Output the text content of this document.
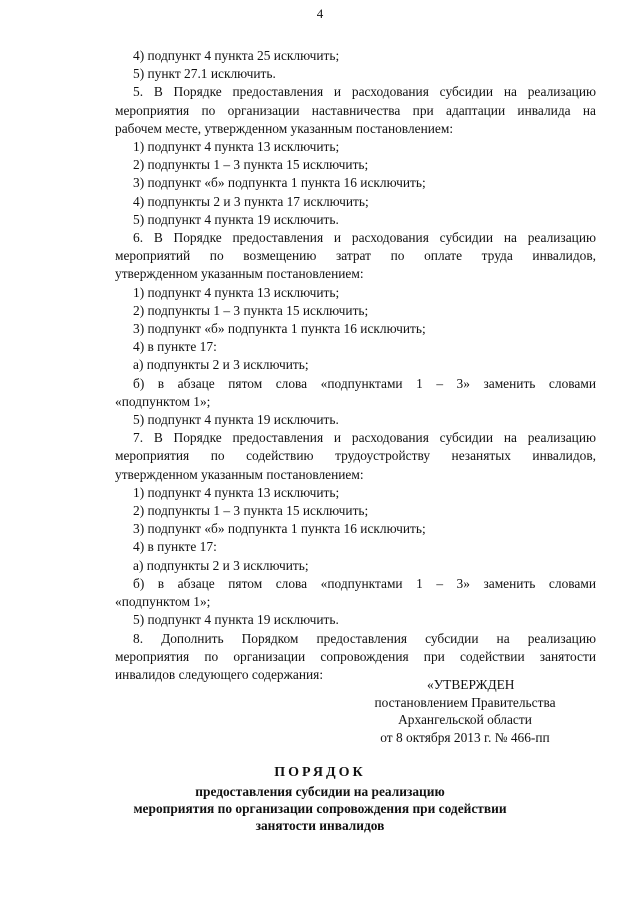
4
4) подпункт 4 пункта 25 исключить;
5) пункт 27.1 исключить.
5. В Порядке предоставления и расходования субсидии на реализацию
мероприятия по организации наставничества при адаптации инвалида на
рабочем месте, утвержденном указанным постановлением:
1) подпункт 4 пункта 13 исключить;
2) подпункты 1 – 3 пункта 15 исключить;
3) подпункт «б» подпункта 1 пункта 16 исключить;
4) подпункты 2 и 3 пункта 17 исключить;
5) подпункт 4 пункта 19 исключить.
6. В Порядке предоставления и расходования субсидии на реализацию
мероприятий по возмещению затрат по оплате труда инвалидов,
утвержденном указанным постановлением:
1) подпункт 4 пункта 13 исключить;
2) подпункты 1 – 3 пункта 15 исключить;
3) подпункт «б» подпункта 1 пункта 16 исключить;
4) в пункте 17:
а) подпункты 2 и 3 исключить;
б) в абзаце пятом слова «подпунктами 1 – 3» заменить словами
«подпунктом 1»;
5) подпункт 4 пункта 19 исключить.
7. В Порядке предоставления и расходования субсидии на реализацию
мероприятия по содействию трудоустройству незанятых инвалидов,
утвержденном указанным постановлением:
1) подпункт 4 пункта 13 исключить;
2) подпункты 1 – 3 пункта 15 исключить;
3) подпункт «б» подпункта 1 пункта 16 исключить;
4) в пункте 17:
а) подпункты 2 и 3 исключить;
б) в абзаце пятом слова «подпунктами 1 – 3» заменить словами
«подпунктом 1»;
5) подпункт 4 пункта 19 исключить.
8. Дополнить Порядком предоставления субсидии на реализацию
мероприятия по организации сопровождения при содействии занятости
инвалидов следующего содержания:
«УТВЕРЖДЕН
постановлением Правительства
Архангельской области
от 8 октября 2013 г. № 466-пп
ПОРЯДОК
предоставления субсидии на реализацию
мероприятия по организации сопровождения при содействии
занятости инвалидов
